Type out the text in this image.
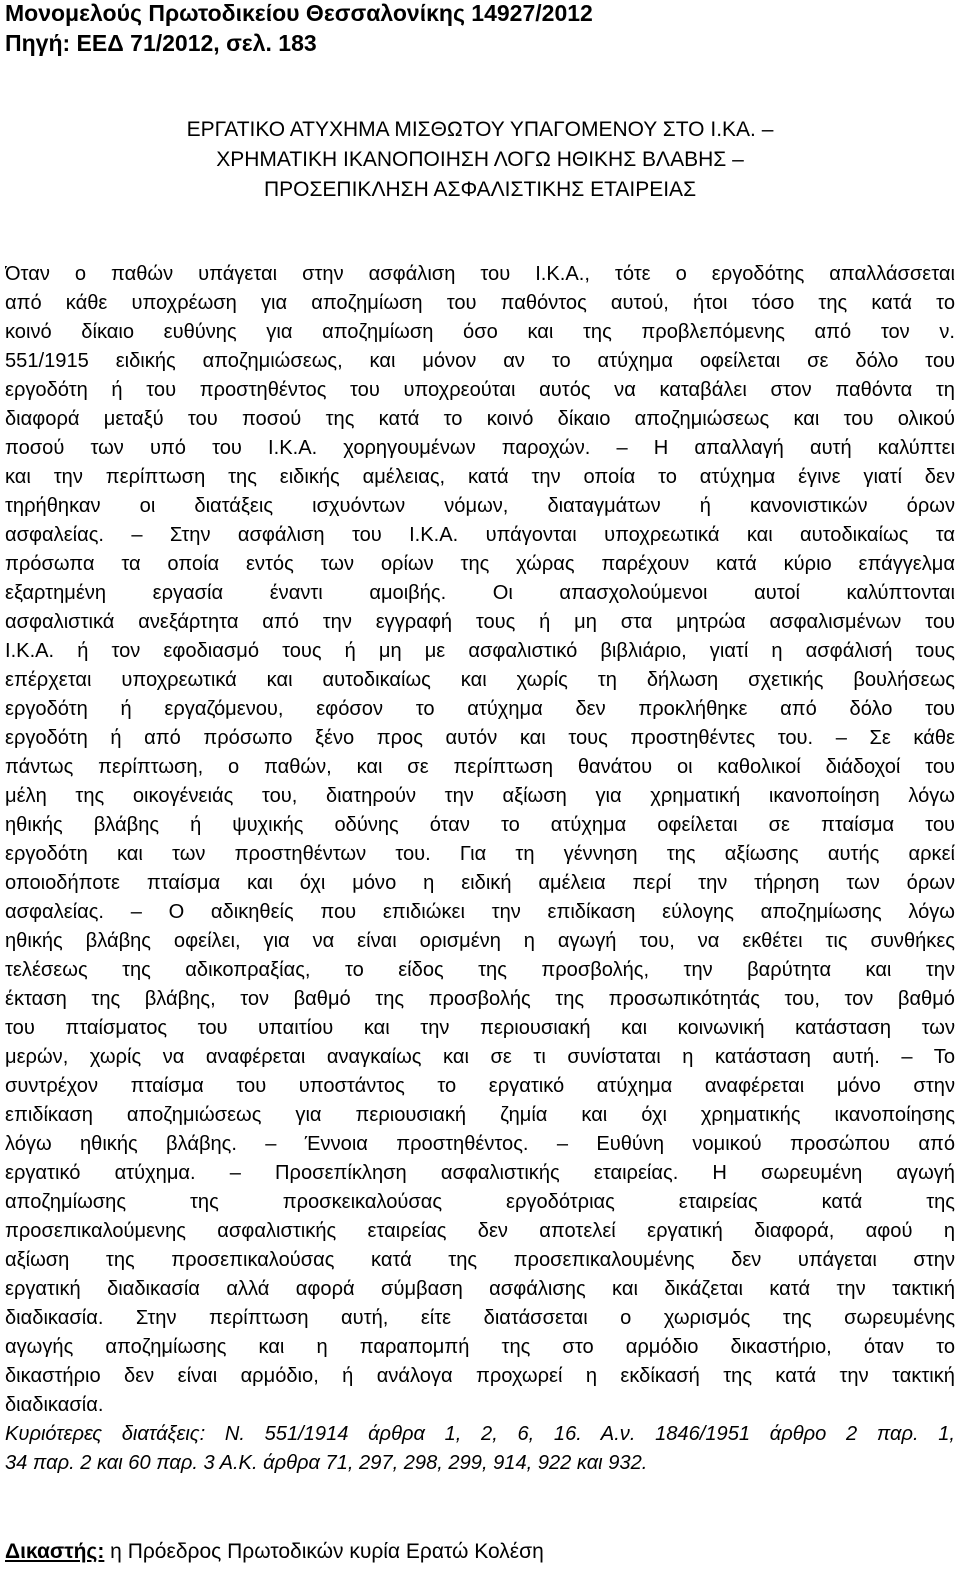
Μονομελούς Πρωτοδικείου Θεσσαλονίκης 14927/2012
Πηγή: ΕΕΔ 71/2012, σελ. 183
ΕΡΓΑΤΙΚΟ ΑΤΥΧΗΜΑ ΜΙΣΘΩΤΟΥ ΥΠΑΓΟΜΕΝΟΥ ΣΤΟ Ι.ΚΑ. –
ΧΡΗΜΑΤΙΚΗ ΙΚΑΝΟΠΟΙΗΣΗ ΛΟΓΩ ΗΘΙΚΗΣ ΒΛΑΒΗΣ –
ΠΡΟΣΕΠΙΚΛΗΣΗ ΑΣΦΑΛΙΣΤΙΚΗΣ ΕΤΑΙΡΕΙΑΣ
Όταν ο παθών υπάγεται στην ασφάλιση του Ι.Κ.Α., τότε ο εργοδότης απαλλάσσεται
από κάθε υποχρέωση για αποζημίωση του παθόντος αυτού, ήτοι τόσο της κατά το
κοινό δίκαιο ευθύνης για αποζημίωση όσο και της προβλεπόμενης από τον ν.
551/1915 ειδικής αποζημιώσεως, και μόνον αν το ατύχημα οφείλεται σε δόλο του
εργοδότη ή του προστηθέντος του υποχρεούται αυτός να καταβάλει στον παθόντα τη
διαφορά μεταξύ του ποσού της κατά το κοινό δίκαιο αποζημιώσεως και του ολικού
ποσού των υπό του Ι.Κ.Α. χορηγουμένων παροχών. – Η απαλλαγή αυτή καλύπτει
και την περίπτωση της ειδικής αμέλειας, κατά την οποία το ατύχημα έγινε γιατί δεν
τηρήθηκαν οι διατάξεις ισχυόντων νόμων, διαταγμάτων ή κανονιστικών όρων
ασφαλείας. – Στην ασφάλιση του Ι.Κ.Α. υπάγονται υποχρεωτικά και αυτοδικαίως τα
πρόσωπα τα οποία εντός των ορίων της χώρας παρέχουν κατά κύριο επάγγελμα
εξαρτημένη εργασία έναντι αμοιβής. Οι απασχολούμενοι αυτοί καλύπτονται
ασφαλιστικά ανεξάρτητα από την εγγραφή τους ή μη στα μητρώα ασφαλισμένων του
Ι.Κ.Α. ή τον εφοδιασμό τους ή μη με ασφαλιστικό βιβλιάριο, γιατί η ασφάλισή τους
επέρχεται υποχρεωτικά και αυτοδικαίως και χωρίς τη δήλωση σχετικής βουλήσεως
εργοδότη ή εργαζόμενου, εφόσον το ατύχημα δεν προκλήθηκε από δόλο του
εργοδότη ή από πρόσωπο ξένο προς αυτόν και τους προστηθέντες του. – Σε κάθε
πάντως περίπτωση, ο παθών, και σε περίπτωση θανάτου οι καθολικοί διάδοχοί του
μέλη της οικογένειάς του, διατηρούν την αξίωση για χρηματική ικανοποίηση λόγω
ηθικής βλάβης ή ψυχικής οδύνης όταν το ατύχημα οφείλεται σε πταίσμα του
εργοδότη και των προστηθέντων του. Για τη γέννηση της αξίωσης αυτής αρκεί
οποιοδήποτε πταίσμα και όχι μόνο η ειδική αμέλεια περί την τήρηση των όρων
ασφαλείας. – Ο αδικηθείς που επιδιώκει την επιδίκαση εύλογης αποζημίωσης λόγω
ηθικής βλάβης οφείλει, για να είναι ορισμένη η αγωγή του, να εκθέτει τις συνθήκες
τελέσεως της αδικοπραξίας, το είδος της προσβολής, την βαρύτητα και την
έκταση της βλάβης, τον βαθμό της προσβολής της προσωπικότητάς του, τον βαθμό
του πταίσματος του υπαιτίου και την περιουσιακή και κοινωνική κατάσταση των
μερών, χωρίς να αναφέρεται αναγκαίως και σε τι συνίσταται η κατάσταση αυτή. – Το
συντρέχον πταίσμα του υποστάντος το εργατικό ατύχημα αναφέρεται μόνο στην
επιδίκαση αποζημιώσεως για περιουσιακή ζημία και όχι χρηματικής ικανοποίησης
λόγω ηθικής βλάβης. – Έννοια προστηθέντος. – Ευθύνη νομικού προσώπου από
εργατικό ατύχημα. – Προσεπίκληση ασφαλιστικής εταιρείας. Η σωρευμένη αγωγή
αποζημίωσης της προσκεικαλούσας εργοδότριας εταιρείας κατά της
προσεπικαλούμενης ασφαλιστικής εταιρείας δεν αποτελεί εργατική διαφορά, αφού η
αξίωση της προσεπικαλούσας κατά της προσεπικαλουμένης δεν υπάγεται στην
εργατική διαδικασία αλλά αφορά σύμβαση ασφάλισης και δικάζεται κατά την τακτική
διαδικασία. Στην περίπτωση αυτή, είτε διατάσσεται ο χωρισμός της σωρευμένης
αγωγής αποζημίωσης και η παραπομπή της στο αρμόδιο δικαστήριο, όταν το
δικαστήριο δεν είναι αρμόδιο, ή ανάλογα προχωρεί η εκδίκασή της κατά την τακτική
διαδικασία.
Κυριότερες διατάξεις: Ν. 551/1914 άρθρα 1, 2, 6, 16. Α.ν. 1846/1951 άρθρο 2 παρ. 1,
34 παρ. 2 και 60 παρ. 3 Α.Κ. άρθρα 71, 297, 298, 299, 914, 922 και 932.
Δικαστής: η Πρόεδρος Πρωτοδικών κυρία Ερατώ Κολέση
